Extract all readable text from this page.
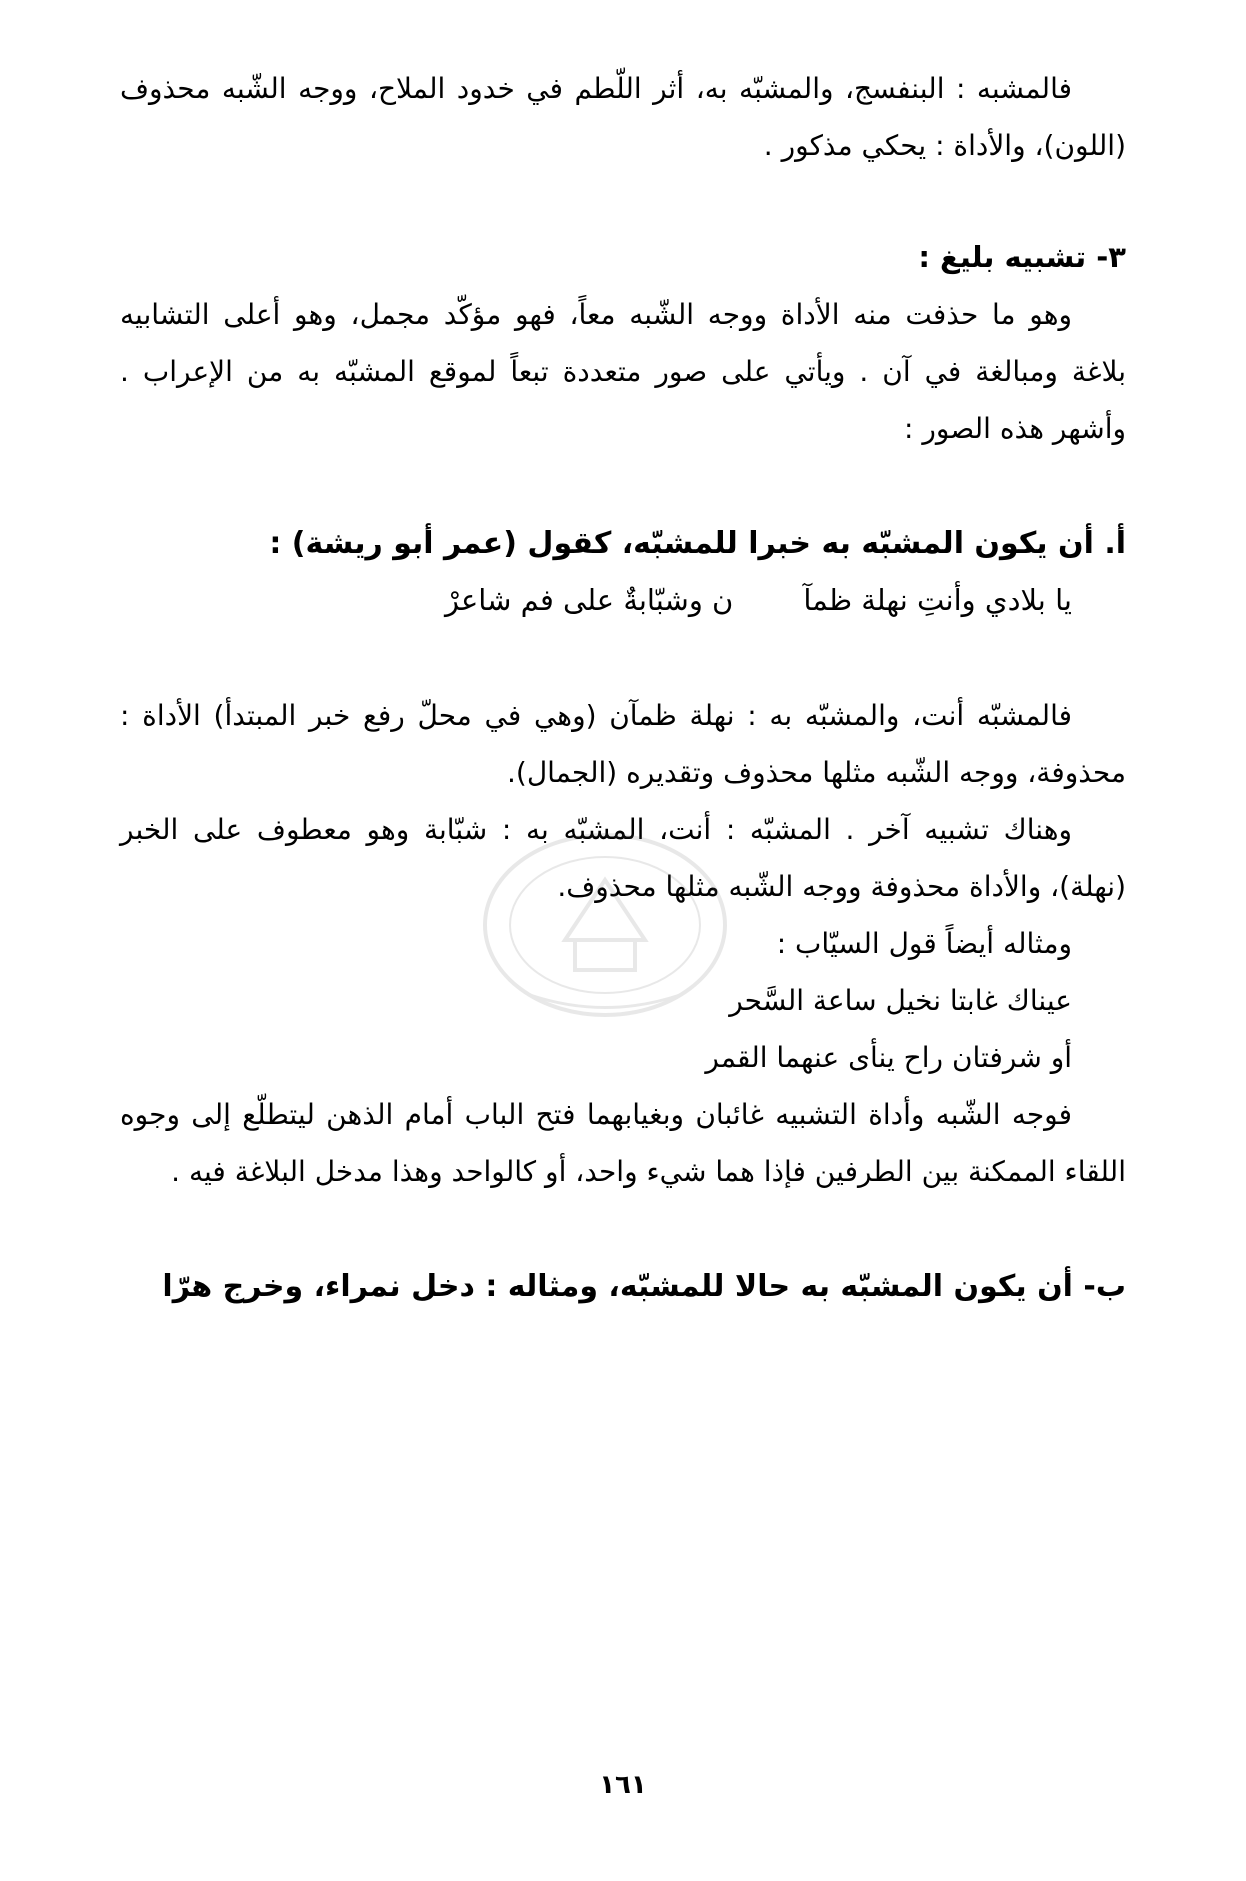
فالمشبه : البنفسج، والمشبّه به، أثر اللّطم في خدود الملاح، ووجه الشّبه محذوف (اللون)، والأداة : يحكي مذكور .

٣- تشبيه بليغ :

وهو ما حذفت منه الأداة ووجه الشّبه معاً، فهو مؤكّد مجمل، وهو أعلى التشابيه بلاغة ومبالغة في آن . ويأتي على صور متعددة تبعاً لموقع المشبّه به من الإعراب . وأشهر هذه الصور :

أ. أن يكون المشبّه به خبرا للمشبّه، كقول (عمر أبو ريشة) :

يا بلادي وأنتِ نهلة ظمآن وشبّابةٌ على فم شاعرْ

فالمشبّه أنت، والمشبّه به : نهلة ظمآن (وهي في محلّ رفع خبر المبتدأ) الأداة : محذوفة، ووجه الشّبه مثلها محذوف وتقديره (الجمال).

وهناك تشبيه آخر . المشبّه : أنت، المشبّه به : شبّابة وهو معطوف على الخبر (نهلة)، والأداة محذوفة ووجه الشّبه مثلها محذوف.

ومثاله أيضاً قول السيّاب :

عيناك غابتا نخيل ساعة السَّحر

أو شرفتان راح ينأى عنهما القمر

فوجه الشّبه وأداة التشبيه غائبان وبغيابهما فتح الباب أمام الذهن ليتطلّع إلى وجوه اللقاء الممكنة بين الطرفين فإذا هما شيء واحد، أو كالواحد وهذا مدخل البلاغة فيه .

ب- أن يكون المشبّه به حالا للمشبّه، ومثاله : دخل نمراء، وخرج هرّا

١٦١
